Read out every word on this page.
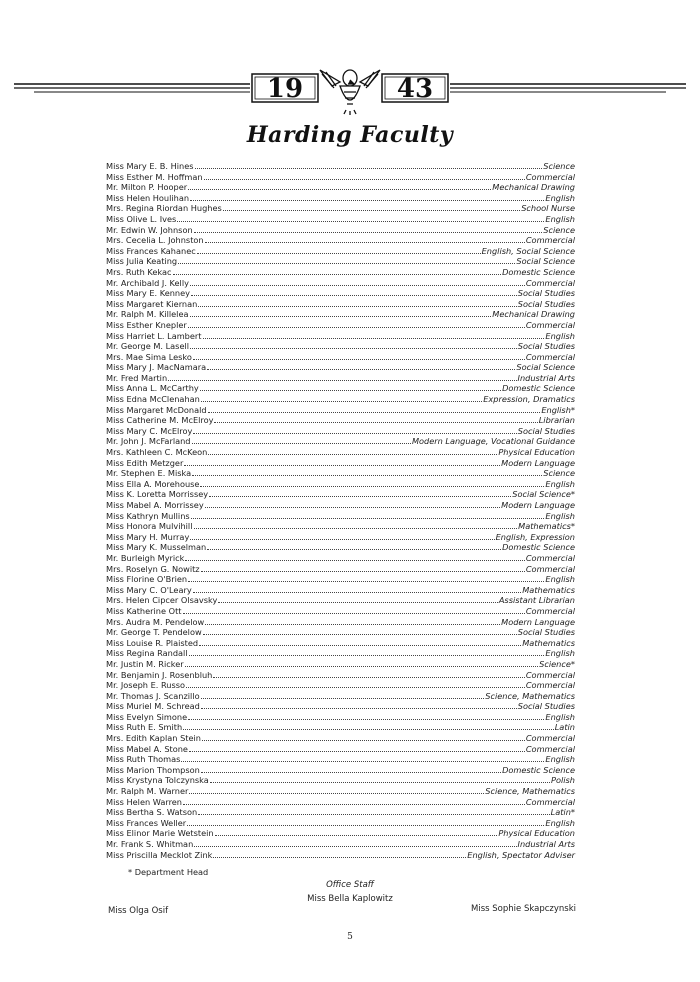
19	43
Harding Faculty
Miss Mary E. B. Hines	Science
Miss Esther M. Hoffman	Commercial
Mr. Milton P. Hooper	Mechanical Drawing
Miss Helen Houlihan	English
Mrs. Regina Riordan Hughes	School Nurse
Miss Olive L. Ives	English
Mr. Edwin W. Johnson	Science
Mrs. Cecelia L. Johnston	Commercial
Miss Frances Kahanec	English, Social Science
Miss Julia Keating	Social Science
Mrs. Ruth Kekac	Domestic Science
Mr. Archibald J. Kelly	Commercial
Miss Mary E. Kenney	Social Studies
Miss Margaret Kiernan	Social Studies
Mr. Ralph M. Killelea	Mechanical Drawing
Miss Esther Knepler	Commercial
Miss Harriet L. Lambert	English
Mr. George M. Lasell	Social Studies
Mrs. Mae Sima Lesko	Commercial
Miss Mary J. MacNamara	Social Science
Mr. Fred Martin	Industrial Arts
Miss Anna L. McCarthy	Domestic Science
Miss Edna McClenahan	Expression, Dramatics
Miss Margaret McDonald	English*
Miss Catherine M. McElroy	Librarian
Miss Mary C. McElroy	Social Studies
Mr. John J. McFarland	Modern Language, Vocational Guidance
Mrs. Kathleen C. McKeon	Physical Education
Miss Edith Metzger	Modern Language
Mr. Stephen E. Miska	Science
Miss Ella A. Morehouse	English
Miss K. Loretta Morrissey	Social Science*
Miss Mabel A. Morrissey	Modern Language
Miss Kathryn Mullins	English
Miss Honora Mulvihill	Mathematics*
Miss Mary H. Murray	English, Expression
Miss Mary K. Musselman	Domestic Science
Mr. Burleigh Myrick	Commercial
Mrs. Roselyn G. Nowitz	Commercial
Miss Florine O'Brien	English
Miss Mary C. O'Leary	Mathematics
Mrs. Helen Cipcer Olsavsky	Assistant Librarian
Miss Katherine Ott	Commercial
Mrs. Audra M. Pendelow	Modern Language
Mr. George T. Pendelow	Social Studies
Miss Louise R. Plaisted	Mathematics
Miss Regina Randall	English
Mr. Justin M. Ricker	Science*
Mr. Benjamin J. Rosenbluh	Commercial
Mr. Joseph E. Russo	Commercial
Mr. Thomas J. Scanzillo	Science, Mathematics
Miss Muriel M. Schread	Social Studies
Miss Evelyn Simone	English
Miss Ruth E. Smith	Latin
Mrs. Edith Kaplan Stein	Commercial
Miss Mabel A. Stone	Commercial
Miss Ruth Thomas	English
Miss Marion Thompson	Domestic Science
Miss Krystyna Tolczynska	Polish
Mr. Ralph M. Warner	Science, Mathematics
Miss Helen Warren	Commercial
Miss Bertha S. Watson	Latin*
Miss Frances Weller	English
Miss Elinor Marie Wetstein	Physical Education
Mr. Frank S. Whitman	Industrial Arts
Miss Priscilla Mecklot Zink	English, Spectator Adviser
* Department Head
Office Staff
Miss Bella Kaplowitz
Miss Olga Osif	Miss Sophie Skapczynski
5
